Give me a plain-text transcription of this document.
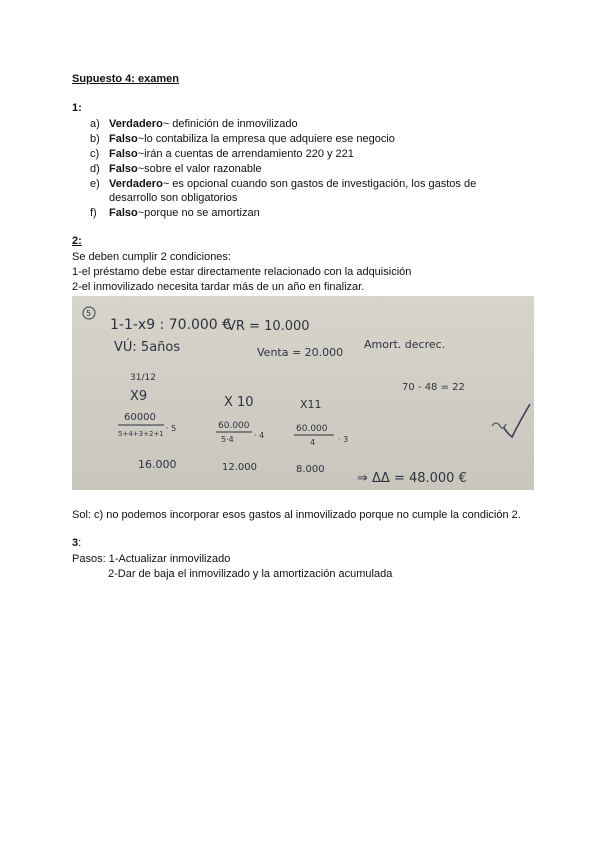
Supuesto 4: examen
1:
a) Verdadero~ definición de inmovilizado
b) Falso~lo contabiliza la empresa que adquiere ese negocio
c) Falso~irán a cuentas de arrendamiento 220 y 221
d) Falso~sobre el valor razonable
e) Verdadero~ es opcional cuando son gastos de investigación, los gastos de
desarrollo son obligatorios
f) Falso~porque no se amortizan
2:
Se deben cumplir 2 condiciones:
1-el préstamo debe estar directamente relacionado con la adquisición
2-el inmovilizado necesita tardar más de un año en finalizar.
5
1-1-x9 : 70.000 €
VR = 10.000
VÚ: 5años	Venta = 20.000
Amort. decrec.
31/12
X9	X 10	X11
70 - 48 = 22
60000
5+4+3+2+1
· 5	60.000
5·4	· 4
60.000
4	· 3
16.000	12.000	8.000
⇒ ΔΔ = 48.000 €
Sol: c) no podemos incorporar esos gastos al inmovilizado porque no cumple la condición 2.
3:
Pasos: 1-Actualizar inmovilizado
2-Dar de baja el inmovilizado y la amortización acumulada
